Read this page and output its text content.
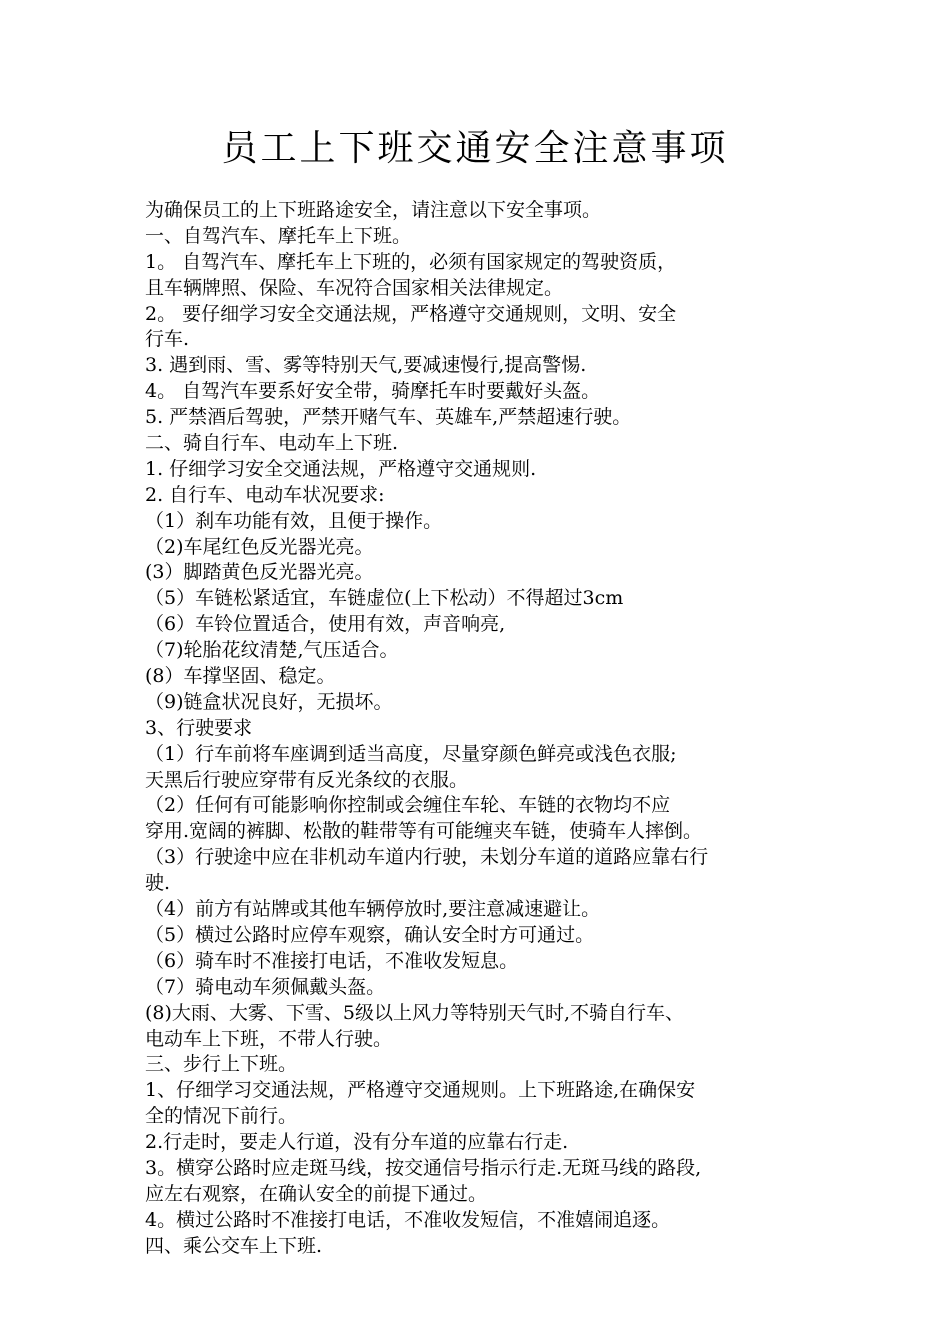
员工上下班交通安全注意事项
为确保员工的上下班路途安全，请注意以下安全事项。
一、自驾汽车、摩托车上下班。
1。 自驾汽车、摩托车上下班的，必须有国家规定的驾驶资质，
且车辆牌照、保险、车况符合国家相关法律规定。
2。 要仔细学习安全交通法规，严格遵守交通规则，文明、安全
行车.
3. 遇到雨、雪、雾等特别天气,要减速慢行,提高警惕.
4。 自驾汽车要系好安全带，骑摩托车时要戴好头盔。
5. 严禁酒后驾驶，严禁开赌气车、英雄车,严禁超速行驶。
二、骑自行车、电动车上下班.
1. 仔细学习安全交通法规，严格遵守交通规则.
2. 自行车、电动车状况要求:
（1）刹车功能有效，且便于操作。
（2)车尾红色反光器光亮。
(3）脚踏黄色反光器光亮。
（5）车链松紧适宜，车链虚位(上下松动）不得超过3cm
（6）车铃位置适合，使用有效，声音响亮,
（7)轮胎花纹清楚,气压适合。
(8）车撑坚固、稳定。
（9)链盒状况良好，无损坏。
3、行驶要求
（1）行车前将车座调到适当高度，尽量穿颜色鲜亮或浅色衣服;
天黑后行驶应穿带有反光条纹的衣服。
（2）任何有可能影响你控制或会缠住车轮、车链的衣物均不应
穿用.宽阔的裤脚、松散的鞋带等有可能缠夹车链，使骑车人摔倒。
（3）行驶途中应在非机动车道内行驶，未划分车道的道路应靠右行
驶.
（4）前方有站牌或其他车辆停放时,要注意减速避让。
（5）横过公路时应停车观察，确认安全时方可通过。
（6）骑车时不准接打电话，不准收发短息。
（7）骑电动车须佩戴头盔。
(8)大雨、大雾、下雪、5级以上风力等特别天气时,不骑自行车、
电动车上下班，不带人行驶。
三、步行上下班。
1、仔细学习交通法规，严格遵守交通规则。上下班路途,在确保安
全的情况下前行。
2.行走时，要走人行道，没有分车道的应靠右行走.
3。横穿公路时应走斑马线，按交通信号指示行走.无斑马线的路段,
应左右观察，在确认安全的前提下通过。
4。横过公路时不准接打电话，不准收发短信，不准嬉闹追逐。
四、乘公交车上下班.
